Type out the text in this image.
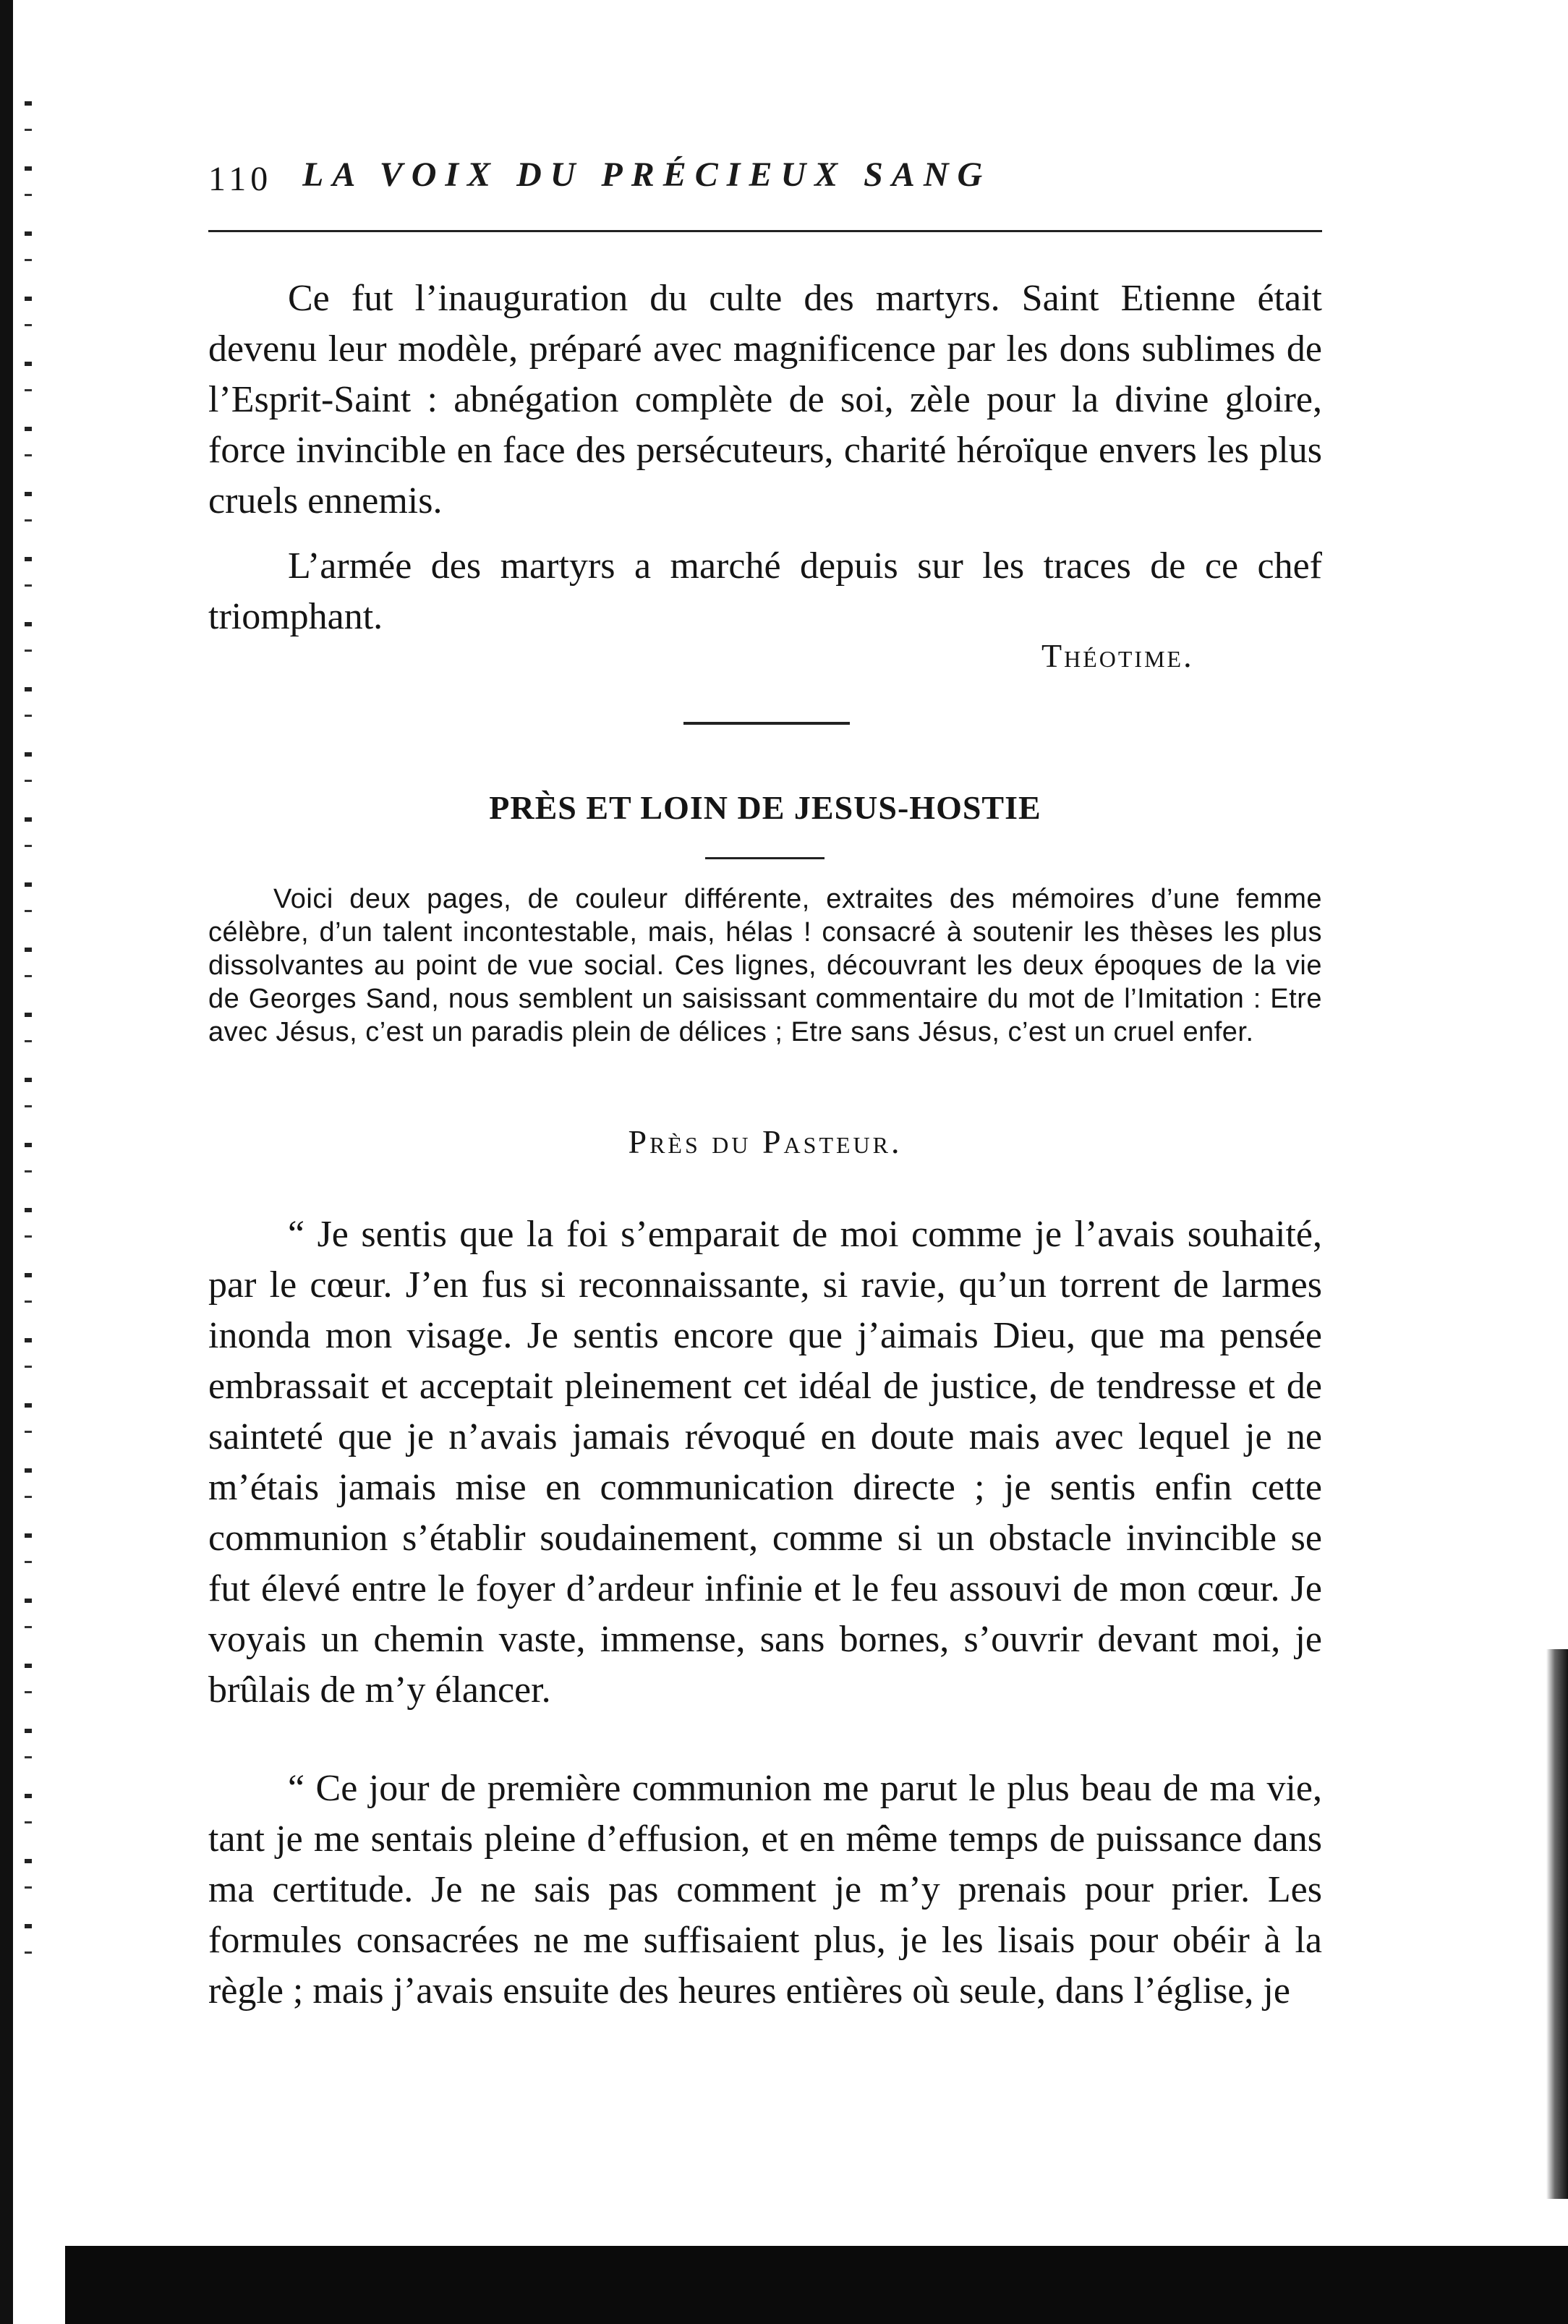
110 LA VOIX DU PRÉCIEUX SANG

Ce fut l’inauguration du culte des martyrs. Saint Etienne était devenu leur modèle, préparé avec magnificence par les dons sublimes de l’Esprit-Saint : abnégation complète de soi, zèle pour la divine gloire, force invincible en face des persécuteurs, charité héroïque envers les plus cruels ennemis.

L’armée des martyrs a marché depuis sur les traces de ce chef triomphant.

Théotime.
PRÈS ET LOIN DE JESUS-HOSTIE
Voici deux pages, de couleur différente, extraites des mémoires d’une femme célèbre, d’un talent incontestable, mais, hélas ! consacré à soutenir les thèses les plus dissolvantes au point de vue social. Ces lignes, découvrant les deux époques de la vie de Georges Sand, nous semblent un saisissant commentaire du mot de l’Imitation : Etre avec Jésus, c’est un paradis plein de délices ; Etre sans Jésus, c’est un cruel enfer.
Près du Pasteur.

“ Je sentis que la foi s’emparait de moi comme je l’avais souhaité, par le cœur. J’en fus si reconnaissante, si ravie, qu’un torrent de larmes inonda mon visage. Je sentis encore que j’aimais Dieu, que ma pensée embrassait et acceptait pleinement cet idéal de justice, de tendresse et de sainteté que je n’avais jamais révoqué en doute mais avec lequel je ne m’étais jamais mise en communication directe ; je sentis enfin cette communion s’établir soudainement, comme si un obstacle invincible se fut élevé entre le foyer d’ardeur infinie et le feu assouvi de mon cœur. Je voyais un chemin vaste, immense, sans bornes, s’ouvrir devant moi, je brûlais de m’y élancer.

“ Ce jour de première communion me parut le plus beau de ma vie, tant je me sentais pleine d’effusion, et en même temps de puissance dans ma certitude. Je ne sais pas comment je m’y prenais pour prier. Les formules consacrées ne me suffisaient plus, je les lisais pour obéir à la règle ; mais j’avais ensuite des heures entières où seule, dans l’église, je
